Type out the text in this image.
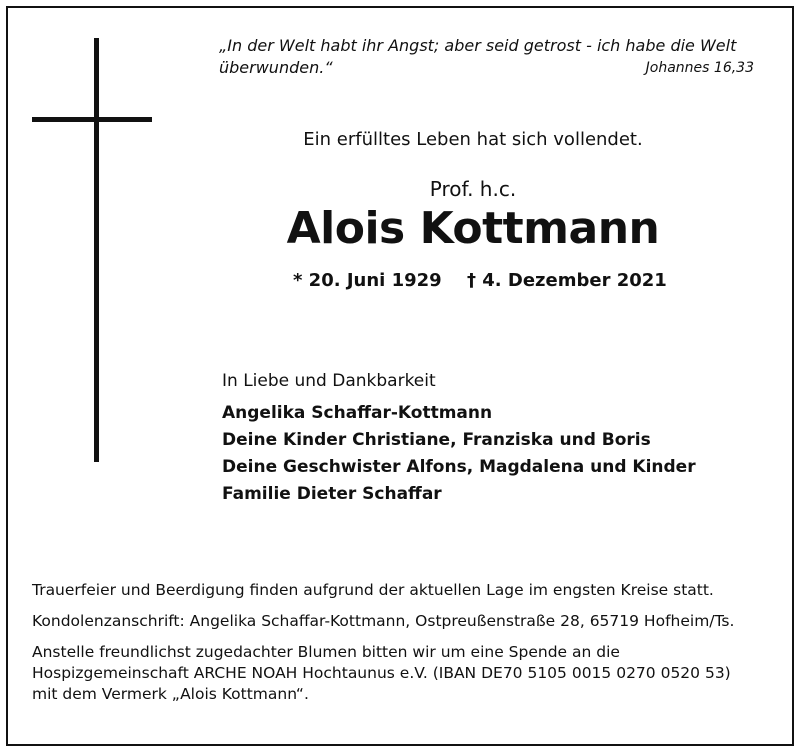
„In der Welt habt ihr Angst; aber seid getrost - ich habe die Welt überwunden.“	Johannes 16,33
Ein erfülltes Leben hat sich vollendet.
Prof. h.c.
Alois Kottmann
* 20. Juni 1929 † 4. Dezember 2021
In Liebe und Dankbarkeit
Angelika Schaffar-Kottmann
Deine Kinder Christiane, Franziska und Boris
Deine Geschwister Alfons, Magdalena und Kinder
Familie Dieter Schaffar

Trauerfeier und Beerdigung finden aufgrund der aktuellen Lage im engsten Kreise statt.

Kondolenzanschrift: Angelika Schaffar-Kottmann, Ostpreußenstraße 28, 65719 Hofheim/Ts.

Anstelle freundlichst zugedachter Blumen bitten wir um eine Spende an die
Hospizgemeinschaft ARCHE NOAH Hochtaunus e.V. (IBAN DE70 5105 0015 0270 0520 53)
mit dem Vermerk „Alois Kottmann“.
